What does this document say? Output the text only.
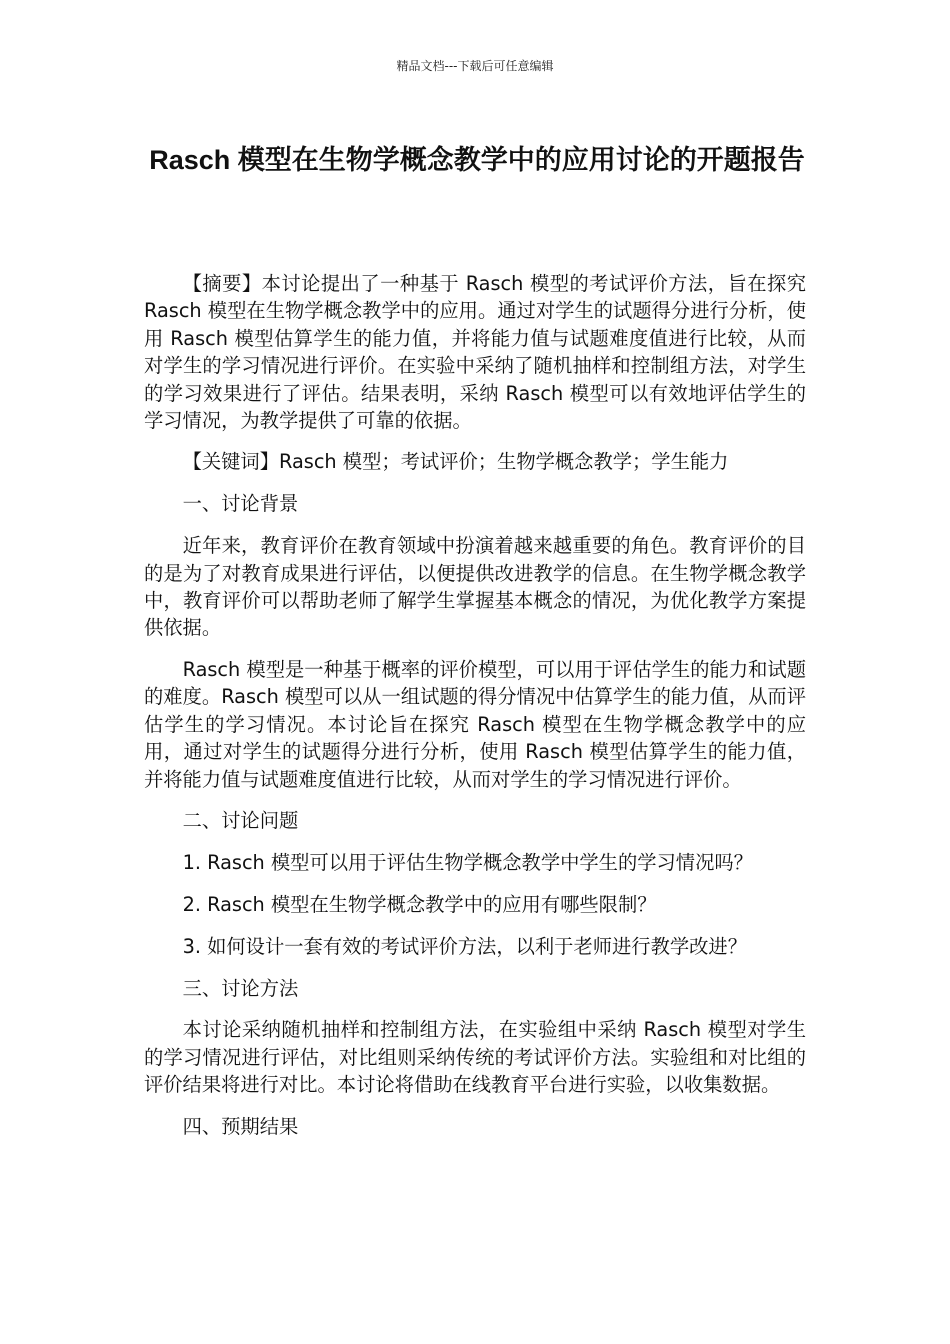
精品文档---下载后可任意编辑
Rasch 模型在生物学概念教学中的应用讨论的开题报告

【摘要】本讨论提出了一种基于 Rasch 模型的考试评价方法，旨在探究 Rasch 模型在生物学概念教学中的应用。通过对学生的试题得分进行分析，使用 Rasch 模型估算学生的能力值，并将能力值与试题难度值进行比较，从而对学生的学习情况进行评价。在实验中采纳了随机抽样和控制组方法，对学生的学习效果进行了评估。结果表明，采纳 Rasch 模型可以有效地评估学生的学习情况，为教学提供了可靠的依据。

【关键词】Rasch 模型；考试评价；生物学概念教学；学生能力

一、讨论背景

近年来，教育评价在教育领域中扮演着越来越重要的角色。教育评价的目的是为了对教育成果进行评估，以便提供改进教学的信息。在生物学概念教学中，教育评价可以帮助老师了解学生掌握基本概念的情况，为优化教学方案提供依据。

Rasch 模型是一种基于概率的评价模型，可以用于评估学生的能力和试题的难度。Rasch 模型可以从一组试题的得分情况中估算学生的能力值，从而评估学生的学习情况。本讨论旨在探究 Rasch 模型在生物学概念教学中的应用，通过对学生的试题得分进行分析，使用 Rasch 模型估算学生的能力值，并将能力值与试题难度值进行比较，从而对学生的学习情况进行评价。

二、讨论问题

1. Rasch 模型可以用于评估生物学概念教学中学生的学习情况吗？

2. Rasch 模型在生物学概念教学中的应用有哪些限制？

3. 如何设计一套有效的考试评价方法，以利于老师进行教学改进？

三、讨论方法

本讨论采纳随机抽样和控制组方法，在实验组中采纳 Rasch 模型对学生的学习情况进行评估，对比组则采纳传统的考试评价方法。实验组和对比组的评价结果将进行对比。本讨论将借助在线教育平台进行实验，以收集数据。

四、预期结果
